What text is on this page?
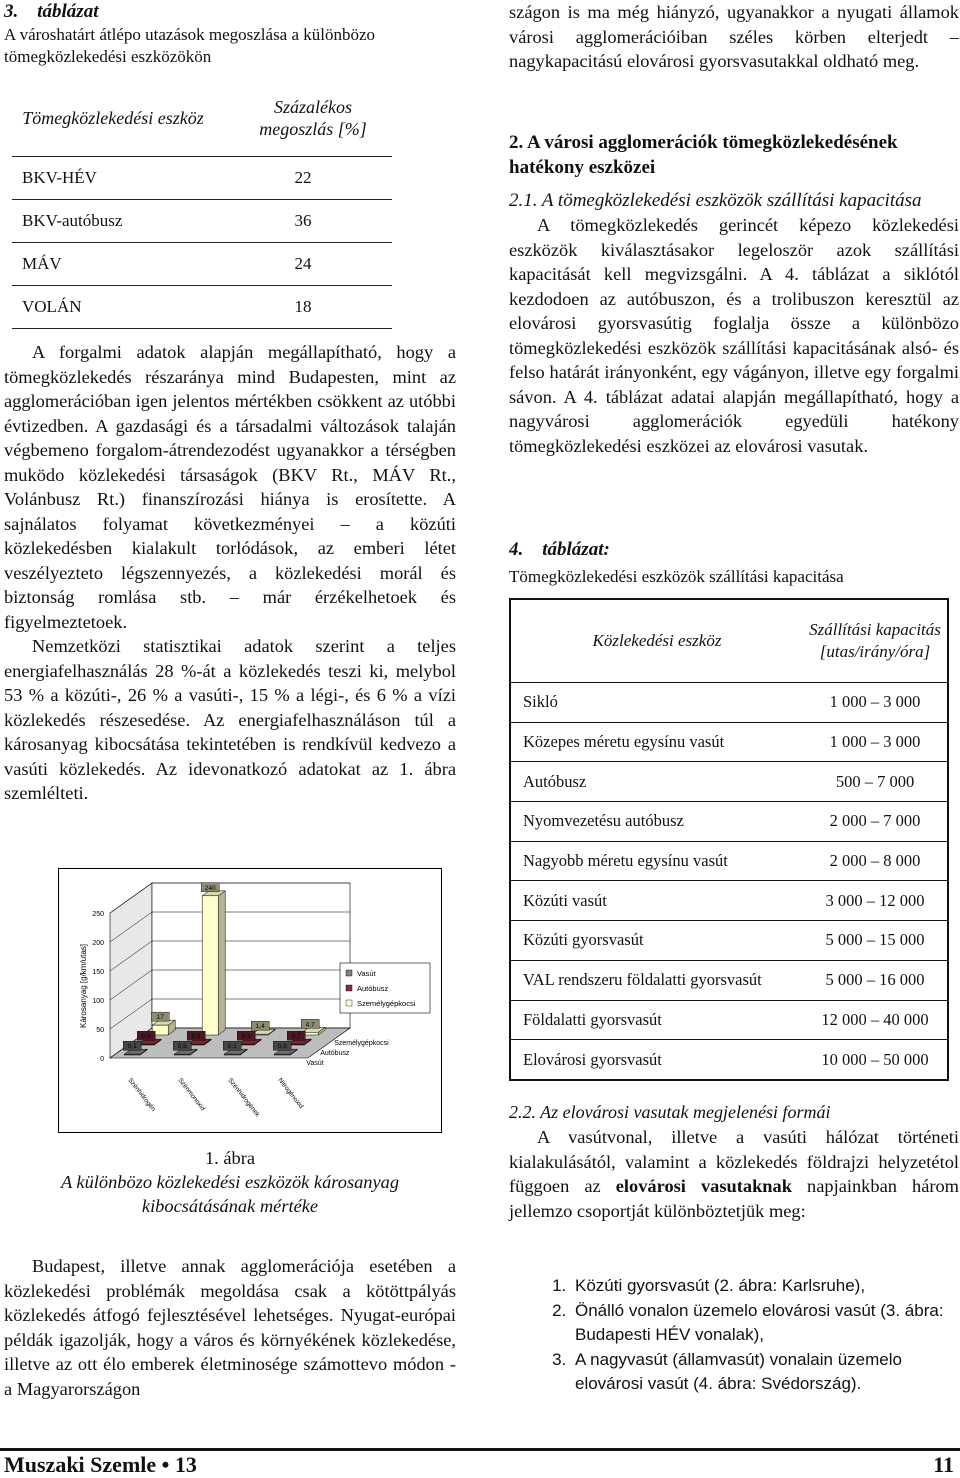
3. táblázat

A városhatárt átlépo utazások megoszlása a különbözo tömegközlekedési eszközökön

Tömegközlekedési eszköz	Százalékos megoszlás [%]
BKV-HÉV	22
BKV-autóbusz	36
MÁV	24
VOLÁN	18

A forgalmi adatok alapján megállapítható, hogy a tömegközlekedés részaránya mind Budapesten, mint az agglomerációban igen jelentos mértékben csökkent az utóbbi évtizedben. A gazdasági és a társadalmi változások talaján végbemeno forgalom-átrendezodést ugyanakkor a térségben muködo közlekedési társaságok (BKV Rt., MÁV Rt., Volánbusz Rt.) finanszírozási hiánya is erosítette. A sajnálatos folyamat következményei – a közúti közlekedésben kialakult torlódások, az emberi létet veszélyezteto légszennyezés, a közlekedési morál és biztonság romlása stb. – már érzékelhetoek és figyelmeztetoek.

Nemzetközi statisztikai adatok szerint a teljes energiafelhasználás 28 %-át a közlekedés teszi ki, melybol 53 % a közúti-, 26 % a vasúti-, 15 % a légi-, és 6 % a vízi közlekedés részesedése. Az energiafelhasználáson túl a károsanyag kibocsátása tekintetében is rendkívül kedvezo a vasúti közlekedés. Az idevonatkozó adatokat az 1. ábra szemlélteti.

0
50
100
150
200
250
Károsanyag [g/km/utas]	17
240
1,4	4,7
Személygépkocsi
0,5	0,1	0,1	0,7
Autóbusz
0,1	0,5	0,1	0,3
Vasút
Szénhidrogén	Szénmonoxid	Szénhidrogének Nitrogénoxid
Vasút
Autóbusz
Személygépkocsi

1. ábra

A különbözo közlekedési eszközök károsanyag kibocsátásának mértéke

Budapest, illetve annak agglomerációja esetében a közlekedési problémák megoldása csak a kötöttpályás közlekedés átfogó fejlesztésével lehetséges. Nyugat-európai példák igazolják, hogy a város és környékének közlekedése, illetve az ott élo emberek életminosége számottevo módon - a Magyarországon

szágon is ma még hiányzó, ugyanakkor a nyugati államok városi agglomerációiban széles körben elterjedt – nagykapacitású elovárosi gyorsvasutakkal oldható meg.

2. A városi agglomerációk tömegközlekedésének hatékony eszközei

2.1. A tömegközlekedési eszközök szállítási kapacitása

A tömegközlekedés gerincét képezo közlekedési eszközök kiválasztásakor legeloször azok szállítási kapacitását kell megvizsgálni. A 4. táblázat a siklótól kezdodoen az autóbuszon, és a trolibuszon keresztül az elovárosi gyorsvasútig foglalja össze a különbözo tömegközlekedési eszközök szállítási kapacitásának alsó- és felso határát irányonként, egy vágányon, illetve egy forgalmi sávon. A 4. táblázat adatai alapján megállapítható, hogy a nagyvárosi agglomerációk egyedüli hatékony tömegközlekedési eszközei az elovárosi vasutak.

4. táblázat:

Tömegközlekedési eszközök szállítási kapacitása

Közlekedési eszköz	Szállítási kapacitás [utas/irány/óra]
Sikló	1 000 – 3 000
Közepes méretu egysínu vasút	1 000 – 3 000
Autóbusz	500 – 7 000
Nyomvezetésu autóbusz	2 000 – 7 000
Nagyobb méretu egysínu vasút	2 000 – 8 000
Közúti vasút	3 000 – 12 000
Közúti gyorsvasút	5 000 – 15 000
VAL rendszeru földalatti gyorsvasút	5 000 – 16 000
Földalatti gyorsvasút	12 000 – 40 000
Elovárosi gyorsvasút	10 000 – 50 000

2.2. Az elovárosi vasutak megjelenési formái

A vasútvonal, illetve a vasúti hálózat történeti kialakulásától, valamint a közlekedés földrajzi helyzetétol függoen az elovárosi vasutaknak napjainkban három jellemzo csoportját különböztetjük meg:

1. Közúti gyorsvasút (2. ábra: Karlsruhe),
2. Önálló vonalon üzemelo elovárosi vasút (3. ábra: Budapesti HÉV vonalak),
3. A nagyvasút (államvasút) vonalain üzemelo elovárosi vasút (4. ábra: Svédország).
Muszaki Szemle • 13	11
